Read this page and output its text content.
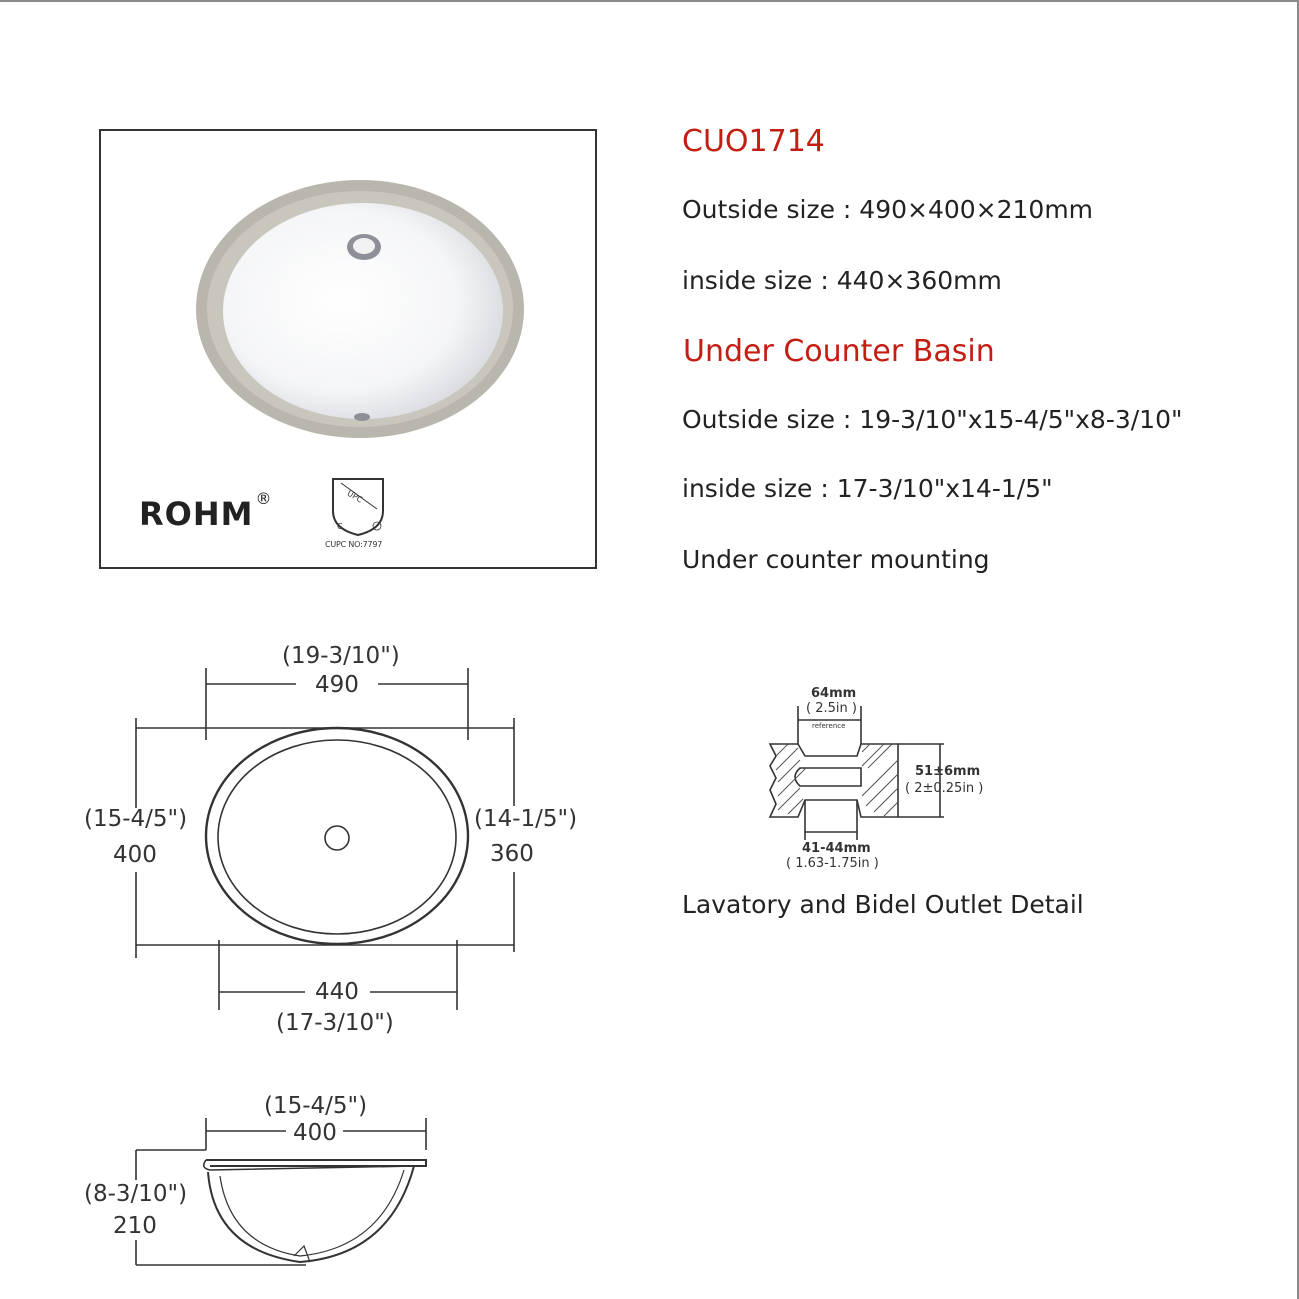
ROHM ®	UPC
C
CUPC NO:7797
CUO1714
Outside size : 490×400×210mm
inside size : 440×360mm
Under Counter Basin
Outside size : 19-3/10"x15-4/5"x8-3/10"
inside size : 17-3/10"x14-1/5"
Under counter mounting
(19-3/10")
490
(15-4/5")
400
(14-1/5")
360
440
(17-3/10")
(15-4/5")
400
(8-3/10")
210
64mm
( 2.5in )
reference
51±6mm
( 2±0.25in )
41-44mm
( 1.63-1.75in )
Lavatory and Bidel Outlet Detail
